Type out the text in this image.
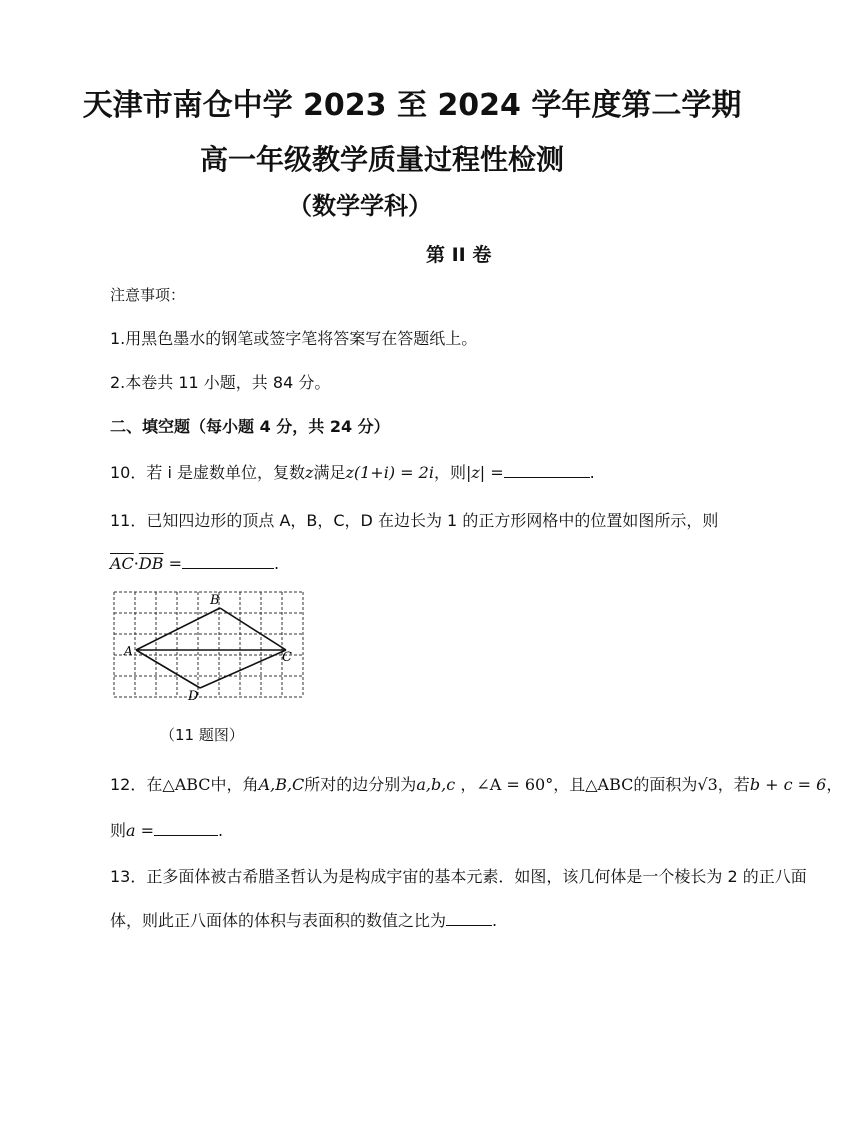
天津市南仓中学 2023 至 2024 学年度第二学期
高一年级教学质量过程性检测
（数学学科）
第 II 卷
注意事项：
1.用黑色墨水的钢笔或签字笔将答案写在答题纸上。
2.本卷共 11 小题，共 84 分。
二、填空题（每小题 4 分，共 24 分）
10．若 i 是虚数单位，复数z满足z(1+i) = 2i，则|z| =	.
11．已知四边形的顶点 A，B，C，D 在边长为 1 的正方形网格中的位置如图所示，则
$\overline{AC}\cdot\overline{DB}$ =	.
A
B
C
D
（11 题图）
12．在△ABC中，角A,B,C所对的边分别为a,b,c ，∠A = 60°，且△ABC的面积为√3，若b + c = 6，
则a =	.
13．正多面体被古希腊圣哲认为是构成宇宙的基本元素．如图，该几何体是一个棱长为 2 的正八面
体，则此正八面体的体积与表面积的数值之比为	.
